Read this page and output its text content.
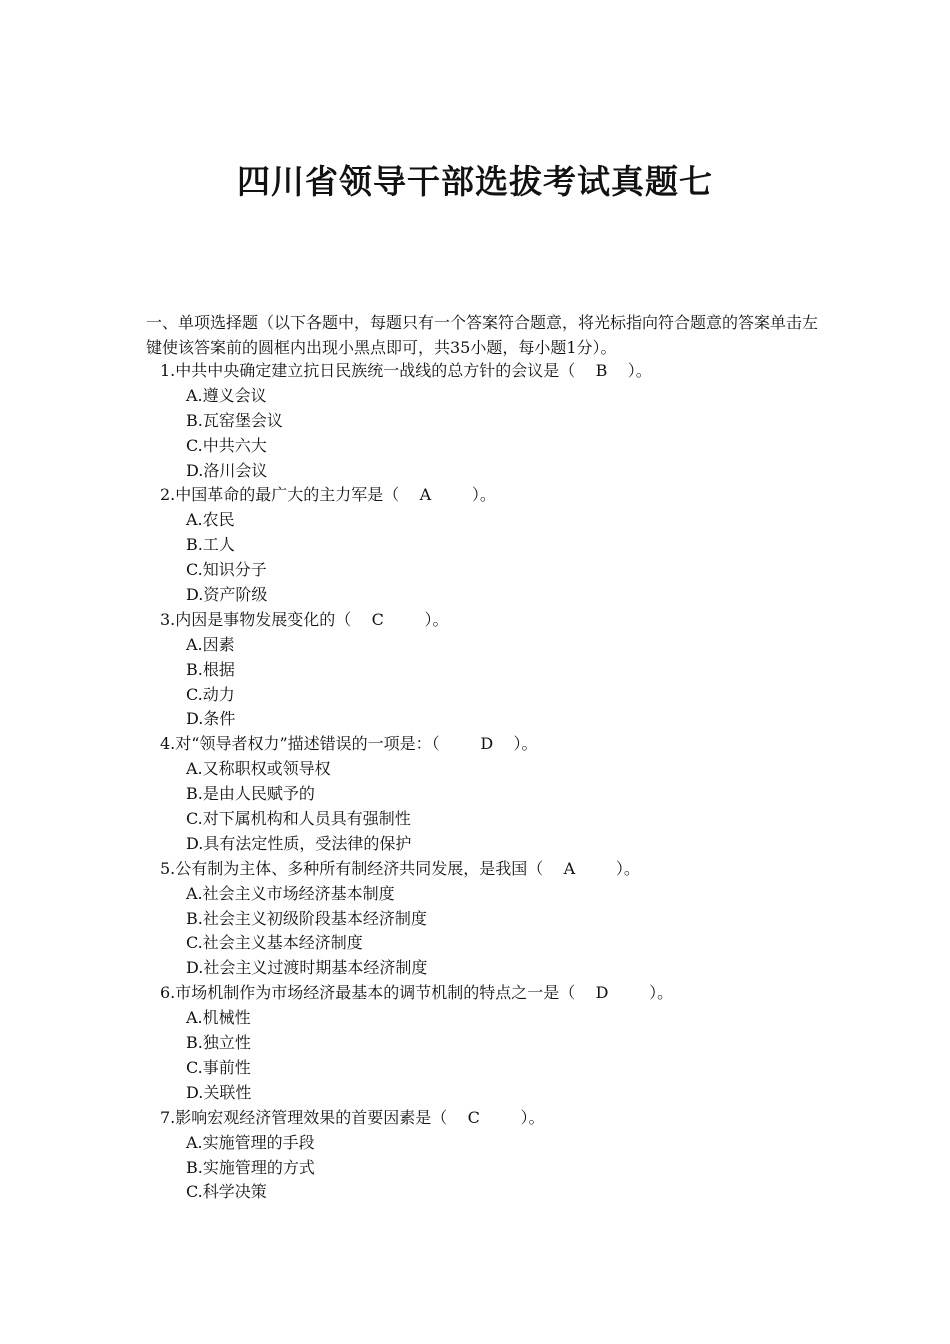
四川省领导干部选拔考试真题七
一、单项选择题（以下各题中，每题只有一个答案符合题意，将光标指向符合题意的答案单击左键使该答案前的圆框内出现小黑点即可，共35小题，每小题1分）。
1.中共中央确定建立抗日民族统一战线的总方针的会议是（    B    ）。
A.遵义会议
B.瓦窑堡会议
C.中共六大
D.洛川会议
2.中国革命的最广大的主力军是（    A        ）。
A.农民
B.工人
C.知识分子
D.资产阶级
3.内因是事物发展变化的（    C        ）。
A.因素
B.根据
C.动力
D.条件
4.对“领导者权力”描述错误的一项是：（        D    ）。
A.又称职权或领导权
B.是由人民赋予的
C.对下属机构和人员具有强制性
D.具有法定性质，受法律的保护
5.公有制为主体、多种所有制经济共同发展，是我国（    A        ）。
A.社会主义市场经济基本制度
B.社会主义初级阶段基本经济制度
C.社会主义基本经济制度
D.社会主义过渡时期基本经济制度
6.市场机制作为市场经济最基本的调节机制的特点之一是（    D        ）。
A.机械性
B.独立性
C.事前性
D.关联性
7.影响宏观经济管理效果的首要因素是（    C        ）。
A.实施管理的手段
B.实施管理的方式
C.科学决策
